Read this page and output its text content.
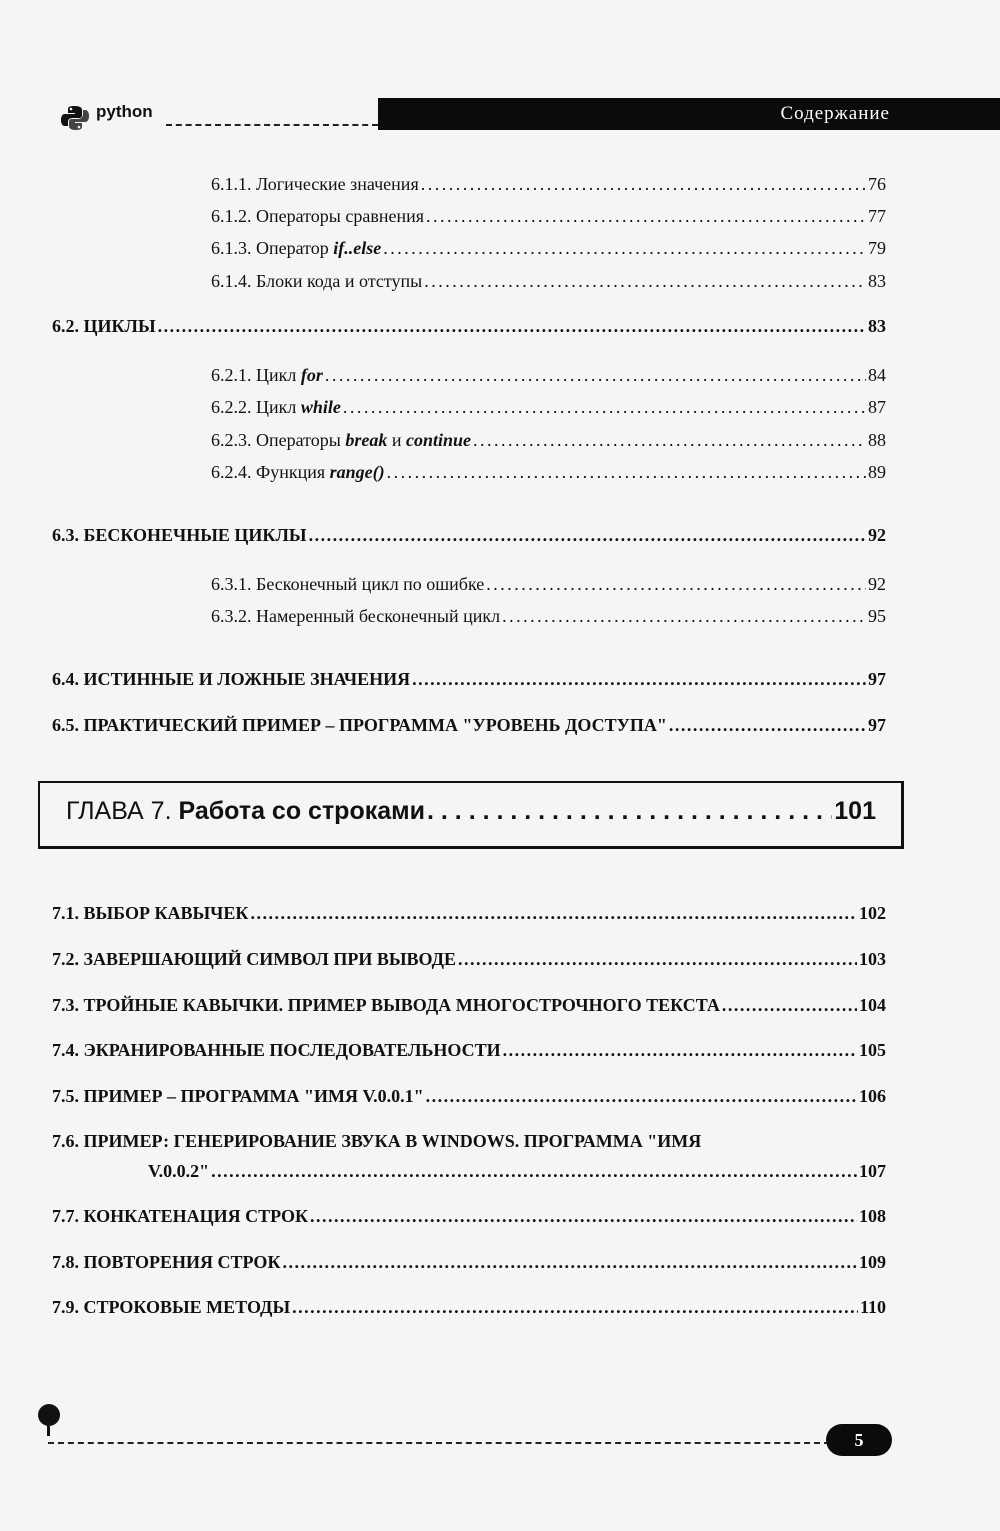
python	Содержание
6.1.1. Логические значения . . .	76
6.1.2. Операторы сравнения . . .	77
6.1.3. Оператор if..else . . .	79
6.1.4. Блоки кода и отступы . . .	83
6.2. ЦИКЛЫ . . .	83
6.2.1. Цикл for . . .	84
6.2.2. Цикл while . . .	87
6.2.3. Операторы break и continue . . .	88
6.2.4. Функция range() . . .	89
6.3. БЕСКОНЕЧНЫЕ ЦИКЛЫ . . .	92
6.3.1. Бесконечный цикл по ошибке . . .	92
6.3.2. Намеренный бесконечный цикл . . .	95
6.4. ИСТИННЫЕ И ЛОЖНЫЕ ЗНАЧЕНИЯ . . .	97
6.5. ПРАКТИЧЕСКИЙ ПРИМЕР – ПРОГРАММА "УРОВЕНЬ ДОСТУПА" . . .	97
ГЛАВА 7. Работа со строками . . .	101
7.1. ВЫБОР КАВЫЧЕК . . .	102
7.2. ЗАВЕРШАЮЩИЙ СИМВОЛ ПРИ ВЫВОДЕ . . .	103
7.3. ТРОЙНЫЕ КАВЫЧКИ. ПРИМЕР ВЫВОДА МНОГОСТРОЧНОГО ТЕКСТА . . .	104
7.4. ЭКРАНИРОВАННЫЕ ПОСЛЕДОВАТЕЛЬНОСТИ . . .	105
7.5. ПРИМЕР – ПРОГРАММА "ИМЯ V.0.0.1" . . .	106
7.6. ПРИМЕР: ГЕНЕРИРОВАНИЕ ЗВУКА В WINDOWS. ПРОГРАММА "ИМЯ
V.0.0.2" . . .	107
7.7. КОНКАТЕНАЦИЯ СТРОК . . .	108
7.8. ПОВТОРЕНИЯ СТРОК . . .	109
7.9. СТРОКОВЫЕ МЕТОДЫ . . .	110
5
